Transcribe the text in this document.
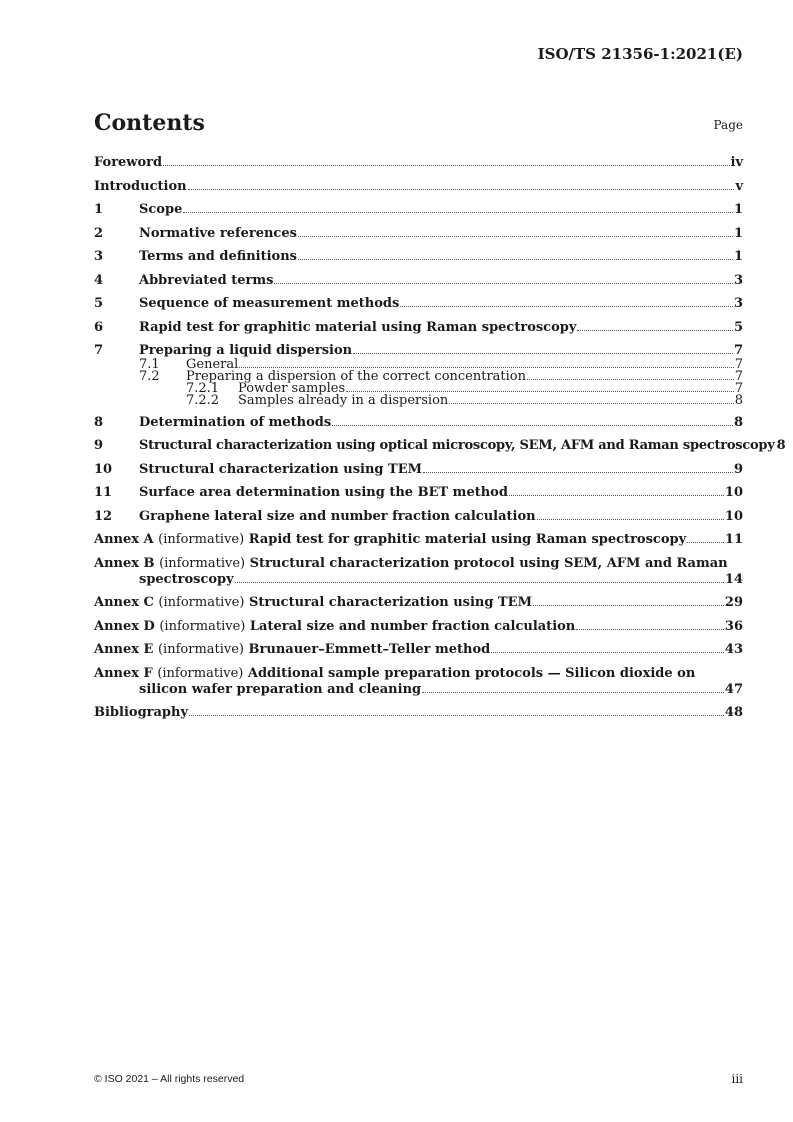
ISO/TS 21356-1:2021(E)
Contents	Page
Foreword	iv
Introduction	v
1	Scope	1
2	Normative references	1
3	Terms and definitions	1
4	Abbreviated terms	3
5	Sequence of measurement methods	3
6	Rapid test for graphitic material using Raman spectroscopy	5
7	Preparing a liquid dispersion	7
7.1	General	7
7.2	Preparing a dispersion of the correct concentration	7
7.2.1	Powder samples	7
7.2.2	Samples already in a dispersion	8
8	Determination of methods	8
9	Structural characterization using optical microscopy, SEM, AFM and Raman spectroscopy 8
10	Structural characterization using TEM	9
11	Surface area determination using the BET method	10
12	Graphene lateral size and number fraction calculation	10
Annex A (informative) Rapid test for graphitic material using Raman spectroscopy	11
Annex B (informative) Structural characterization protocol using SEM, AFM and Raman
spectroscopy	14
Annex C (informative) Structural characterization using TEM	29
Annex D (informative) Lateral size and number fraction calculation	36
Annex E (informative) Brunauer–Emmett–Teller method	43
Annex F (informative) Additional sample preparation protocols — Silicon dioxide on
silicon wafer preparation and cleaning	47
Bibliography	48
© ISO 2021 – All rights reserved	iii
